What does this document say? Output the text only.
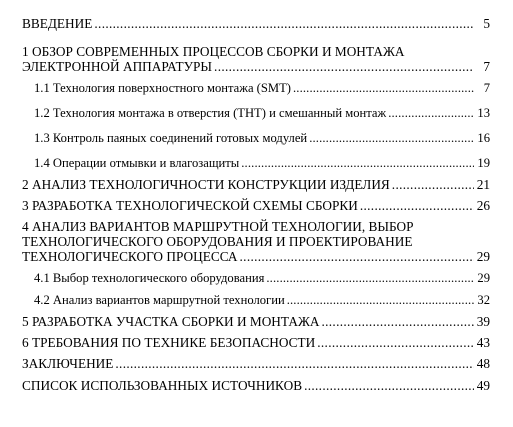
ВВЕДЕНИЕ . . .	5
1 ОБЗОР СОВРЕМЕННЫХ ПРОЦЕССОВ СБОРКИ И МОНТАЖА
ЭЛЕКТРОННОЙ АППАРАТУРЫ . . .	7
1.1 Технология поверхностного монтажа (SMT) . . .	7
1.2 Технология монтажа в отверстия (THT) и смешанный монтаж . . .	13
1.3 Контроль паяных соединений готовых модулей . . .	16
1.4 Операции отмывки и влагозащиты . . .	19
2 АНАЛИЗ ТЕХНОЛОГИЧНОСТИ КОНСТРУКЦИИ ИЗДЕЛИЯ . . .	21
3 РАЗРАБОТКА ТЕХНОЛОГИЧЕСКОЙ СХЕМЫ СБОРКИ . . .	26
4 АНАЛИЗ ВАРИАНТОВ МАРШРУТНОЙ ТЕХНОЛОГИИ, ВЫБОР
ТЕХНОЛОГИЧЕСКОГО ОБОРУДОВАНИЯ И ПРОЕКТИРОВАНИЕ
ТЕХНОЛОГИЧЕСКОГО ПРОЦЕССА . . .	29
4.1 Выбор технологического оборудования . . .	29
4.2 Анализ вариантов маршрутной технологии . . .	32
5 РАЗРАБОТКА УЧАСТКА СБОРКИ И МОНТАЖА . . .	39
6 ТРЕБОВАНИЯ ПО ТЕХНИКЕ БЕЗОПАСНОСТИ . . .	43
ЗАКЛЮЧЕНИЕ . . .	48
СПИСОК ИСПОЛЬЗОВАННЫХ ИСТОЧНИКОВ . . .	49
